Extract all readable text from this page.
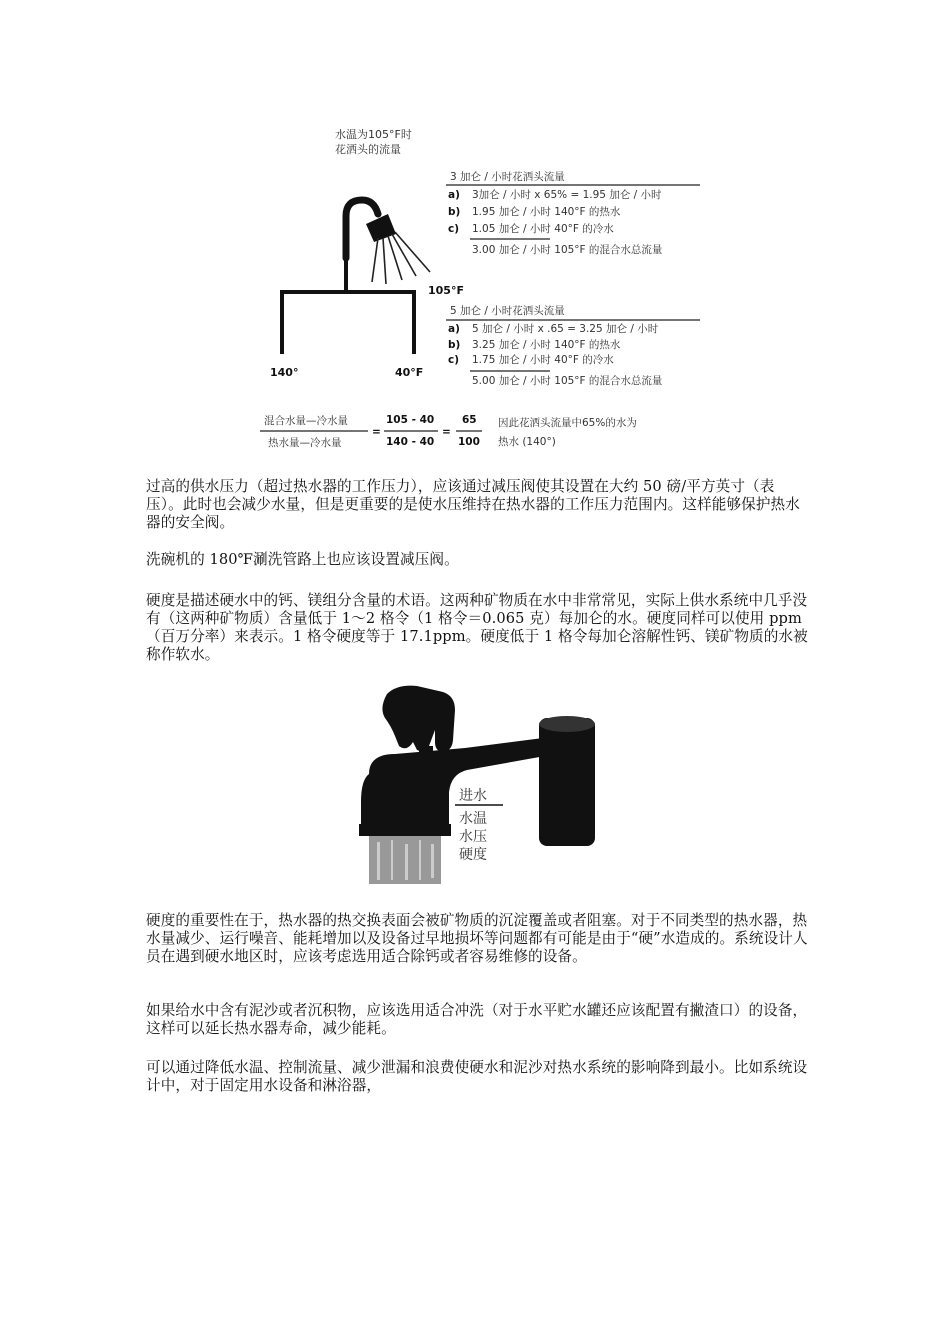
水温为105°F时
花洒头的流量
105°F
140°	40°F
3 加仑 / 小时花洒头流量
a) 3加仑 / 小时 x 65% = 1.95 加仑 / 小时
b) 1.95 加仑 / 小时 140°F 的热水
c) 1.05 加仑 / 小时 40°F 的冷水
3.00 加仑 / 小时 105°F 的混合水总流量
5 加仑 / 小时花洒头流量
a) 5 加仑 / 小时 x .65 = 3.25 加仑 / 小时
b) 3.25 加仑 / 小时 140°F 的热水
c) 1.75 加仑 / 小时 40°F 的冷水
5.00 加仑 / 小时 105°F 的混合水总流量
混合水量—冷水量
热水量—冷水量
=
105 - 40
140 - 40
=
65
100
因此花洒头流量中65%的水为
热水 (140°)

过高的供水压力（超过热水器的工作压力），应该通过减压阀使其设置在大约 50 磅/平方英寸（表压）。此时也会减少水量，但是更重要的是使水压维持在热水器的工作压力范围内。这样能够保护热水器的安全阀。

洗碗机的 180℉涮洗管路上也应该设置减压阀。

硬度是描述硬水中的钙、镁组分含量的术语。这两种矿物质在水中非常常见，实际上供水系统中几乎没有（这两种矿物质）含量低于 1～2 格令（1 格令＝0.065 克）每加仑的水。硬度同样可以使用 ppm（百万分率）来表示。1 格令硬度等于 17.1ppm。硬度低于 1 格令每加仑溶解性钙、镁矿物质的水被称作软水。

进水
水温
水压
硬度

硬度的重要性在于，热水器的热交换表面会被矿物质的沉淀覆盖或者阻塞。对于不同类型的热水器，热水量减少、运行噪音、能耗增加以及设备过早地损坏等问题都有可能是由于“硬”水造成的。系统设计人员在遇到硬水地区时，应该考虑选用适合除钙或者容易维修的设备。

如果给水中含有泥沙或者沉积物，应该选用适合冲洗（对于水平贮水罐还应该配置有撇渣口）的设备，这样可以延长热水器寿命，减少能耗。

可以通过降低水温、控制流量、减少泄漏和浪费使硬水和泥沙对热水系统的影响降到最小。比如系统设计中，对于固定用水设备和淋浴器，
